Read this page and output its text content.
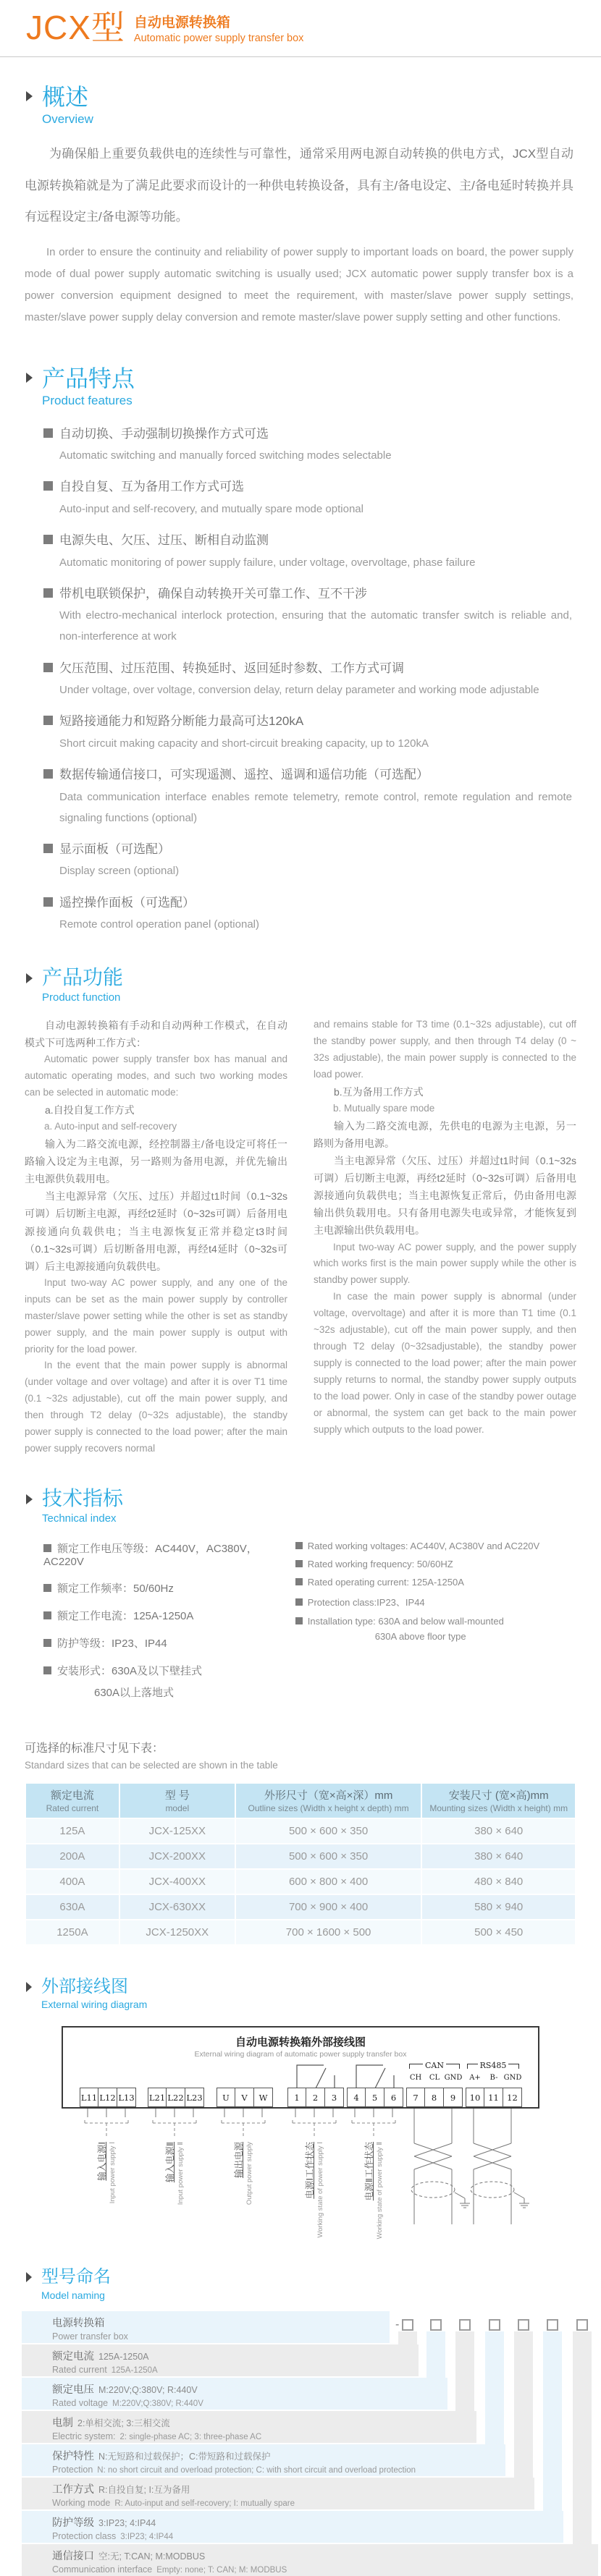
JCX型 自动电源转换箱
Automatic power supply transfer box
概述
Overview

为确保船上重要负载供电的连续性与可靠性，通常采用两电源自动转换的供电方式，JCX型自动电源转换箱就是为了满足此要求而设计的一种供电转换设备，具有主/备电设定、主/备电延时转换并具有远程设定主/备电源等功能。

In order to ensure the continuity and reliability of power supply to important loads on board, the power supply mode of dual power supply automatic switching is usually used; JCX automatic power supply transfer box is a power conversion equipment designed to meet the requirement, with master/slave power supply settings, master/slave power supply delay conversion and remote master/slave power supply setting and other functions.

产品特点
Product features
自动切换、手动强制切换操作方式可选
Automatic switching and manually forced switching modes selectable
自投自复、互为备用工作方式可选
Auto-input and self-recovery, and mutually spare mode optional
电源失电、欠压、过压、断相自动监测
Automatic monitoring of power supply failure, under voltage, overvoltage, phase failure
带机电联锁保护，确保自动转换开关可靠工作、互不干涉
With electro-mechanical interlock protection, ensuring that the automatic transfer switch is reliable and, non-interference at work
欠压范围、过压范围、转换延时、返回延时参数、工作方式可调
Under voltage, over voltage, conversion delay, return delay parameter and working mode adjustable
短路接通能力和短路分断能力最高可达120kA
Short circuit making capacity and short-circuit breaking capacity, up to 120kA
数据传输通信接口，可实现遥测、遥控、遥调和遥信功能（可选配）
Data communication interface enables remote telemetry, remote control, remote regulation and remote signaling functions (optional)
显示面板（可选配）
Display screen (optional)
遥控操作面板（可选配）
Remote control operation panel (optional)
产品功能
Product function

自动电源转换箱有手动和自动两种工作模式，在自动模式下可选两种工作方式：

Automatic power supply transfer box has manual and automatic operating modes, and such two working modes can be selected in automatic mode:

a.自投自复工作方式

a. Auto-input and self-recovery

输入为二路交流电源，经控制器主/备电设定可将任一路输入设定为主电源，另一路则为备用电源，并优先输出主电源供负载用电。

当主电源异常（欠压、过压）并超过t1时间（0.1~32s可调）后切断主电源，再经t2延时（0~32s可调）后备用电源接通向负载供电；当主电源恢复正常并稳定t3时间（0.1~32s可调）后切断备用电源，再经t4延时（0~32s可调）后主电源接通向负载供电。

Input two-way AC power supply, and any one of the inputs can be set as the main power supply by controller master/slave power setting while the other is set as standby power supply, and the main power supply is output with priority for the load power.

In the event that the main power supply is abnormal (under voltage and over voltage) and after it is over T1 time (0.1 ~32s adjustable), cut off the main power supply, and then through T2 delay (0~32s adjustable), the standby power supply is connected to the load power; after the main power supply recovers normal

and remains stable for T3 time (0.1~32s adjustable), cut off the standby power supply, and then through T4 delay (0 ~ 32s adjustable), the main power supply is connected to the load power.

b.互为备用工作方式

b. Mutually spare mode

输入为二路交流电源，先供电的电源为主电源，另一路则为备用电源。

当主电源异常（欠压、过压）并超过t1时间（0.1~32s可调）后切断主电源，再经t2延时（0~32s可调）后备用电源接通向负载供电；当主电源恢复正常后，仍由备用电源输出供负载用电。只有备用电源失电或异常，才能恢复到主电源输出供负载用电。

Input two-way AC power supply, and the power supply which works first is the main power supply while the other is standby power supply.

In case the main power supply is abnormal (under voltage, overvoltage) and after it is more than T1 time (0.1 ~32s adjustable), cut off the main power supply, and then through T2 delay (0~32sadjustable), the standby power supply is connected to the load power; after the main power supply returns to normal, the standby power supply outputs to the load power. Only in case of the standby power outage or abnormal, the system can get back to the main power supply which outputs to the load power.

技术指标
Technical index
额定工作电压等级：AC440V，AC380V，AC220V
额定工作频率：50/60Hz
额定工作电流：125A-1250A
防护等级：IP23、IP44
安装形式：630A及以下壁挂式
630A以上落地式
Rated working voltages: AC440V, AC380V and AC220V
Rated working frequency: 50/60HZ
Rated operating current: 125A-1250A
Protection class:IP23、IP44
Installation type: 630A and below wall-mounted
630A above floor type
可选择的标准尺寸见下表：
Standard sizes that can be selected are shown in the table
额定电流
Rated current	型 号
model	外形尺寸（宽×高×深）mm
Outline sizes (Width x height x depth) mm	安装尺寸 (宽×高)mm
Mounting sizes (Width x height) mm

125A	JCX-125XX	500 × 600 × 350	380 × 640
200A	JCX-200XX	500 × 600 × 350	380 × 640
400A	JCX-400XX	600 × 800 × 400	480 × 840
630A	JCX-630XX	700 × 900 × 400	580 × 940
1250A	JCX-1250XX	700 × 1600 × 500	500 × 450
外部接线图
External wiring diagram
自动电源转换箱外部接线图
External wiring diagram of automatic power supply transfer box
CAN	RS485
CH	CL GND A+	B- GND
L11 L12 L13 L21 L22 L23	U	V	W	1	2	3	4	5	6	7	8	9	10 11 12
输入电源Ⅰ Input power supply Ⅰ	输入电源Ⅱ Input power supply Ⅱ	输出电源 Output power supply	电源Ⅰ工作状态 Working state of power supply Ⅰ	电源Ⅱ工作状态 Working state of power supply Ⅱ
型号命名
Model naming
-
电源转换箱
Power transfer box
额定电流 125A-1250A
Rated current 125A-1250A
额定电压 M:220V;Q:380V; R:440V
Rated voltage M:220V;Q:380V; R:440V
电制 2:单相交流; 3:三相交流
Electric system: 2: single-phase AC; 3: three-phase AC
保护特性 N:无短路和过载保护；C:带短路和过载保护
Protection N: no short circuit and overload protection; C: with short circuit and overload protection
工作方式 R:自投自复; I:互为备用
Working mode R: Auto-input and self-recovery; I: mutually spare
防护等级 3:IP23; 4:IP44
Protection class 3:IP23; 4:IP44
通信接口 空:无; T:CAN; M:MODBUS
Communication interface Empty: none; T: CAN; M: MODBUS
